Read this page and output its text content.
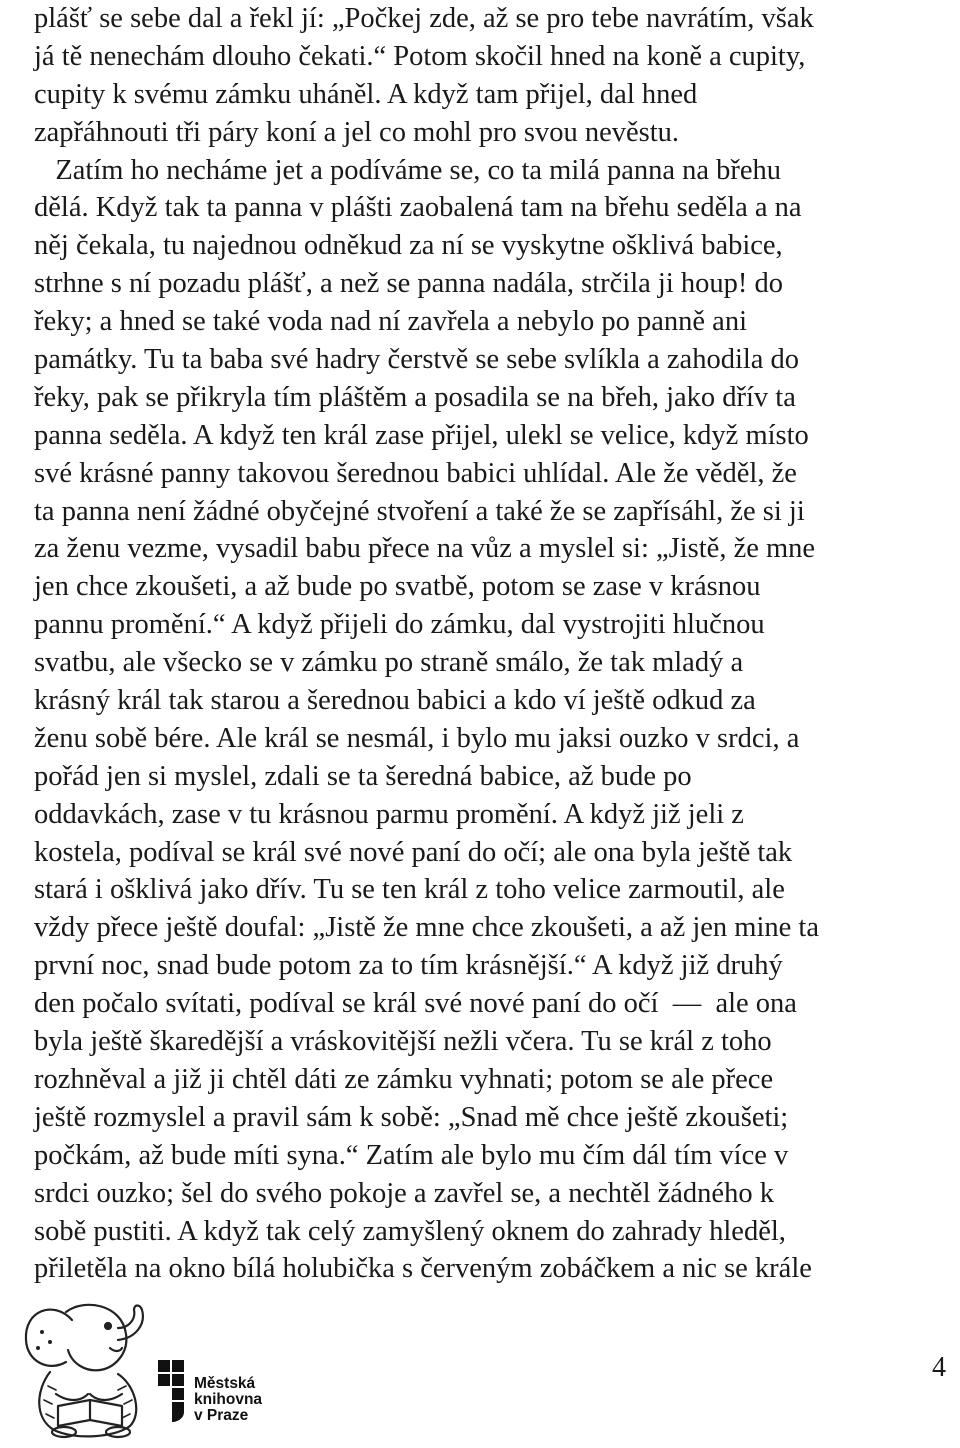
plášť se sebe dal a řekl jí: „Počkej zde, až se pro tebe navrátím, však
já tě nenechám dlouho čekati.“ Potom skočil hned na koně a cupity,
cupity k svému zámku uháněl. A když tam přijel, dal hned
zapřáhnouti tři páry koní a jel co mohl pro svou nevěstu.
Zatím ho necháme jet a podíváme se, co ta milá panna na břehu
dělá. Když tak ta panna v plášti zaobalená tam na břehu seděla a na
něj čekala, tu najednou odněkud za ní se vyskytne ošklivá babice,
strhne s ní pozadu plášť, a než se panna nadála, strčila ji houp! do
řeky; a hned se také voda nad ní zavřela a nebylo po panně ani
památky. Tu ta baba své hadry čerstvě se sebe svlíkla a zahodila do
řeky, pak se přikryla tím pláštěm a posadila se na břeh, jako dřív ta
panna seděla. A když ten král zase přijel, ulekl se velice, když místo
své krásné panny takovou šerednou babici uhlídal. Ale že věděl, že
ta panna není žádné obyčejné stvoření a také že se zapřísáhl, že si ji
za ženu vezme, vysadil babu přece na vůz a myslel si: „Jistě, že mne
jen chce zkoušeti, a až bude po svatbě, potom se zase v krásnou
pannu promění.“ A když přijeli do zámku, dal vystrojiti hlučnou
svatbu, ale všecko se v zámku po straně smálo, že tak mladý a
krásný král tak starou a šerednou babici a kdo ví ještě odkud za
ženu sobě bére. Ale král se nesmál, i bylo mu jaksi ouzko v srdci, a
pořád jen si myslel, zdali se ta šeredná babice, až bude po
oddavkách, zase v tu krásnou parmu promění. A když již jeli z
kostela, podíval se král své nové paní do očí; ale ona byla ještě tak
stará i ošklivá jako dřív. Tu se ten král z toho velice zarmoutil, ale
vždy přece ještě doufal: „Jistě že mne chce zkoušeti, a až jen mine ta
první noc, snad bude potom za to tím krásnější.“ A když již druhý
den počalo svítati, podíval se král své nové paní do očí  —  ale ona
byla ještě škaredější a vráskovitější nežli včera. Tu se král z toho
rozhněval a již ji chtěl dáti ze zámku vyhnati; potom se ale přece
ještě rozmyslel a pravil sám k sobě: „Snad mě chce ještě zkoušeti;
počkám, až bude míti syna.“ Zatím ale bylo mu čím dál tím více v
srdci ouzko; šel do svého pokoje a zavřel se, a nechtěl žádného k
sobě pustiti. A když tak celý zamyšlený oknem do zahrady hleděl,
přiletěla na okno bílá holubička s červeným zobáčkem a nic se krále
Městská
knihovna
v Praze
4
